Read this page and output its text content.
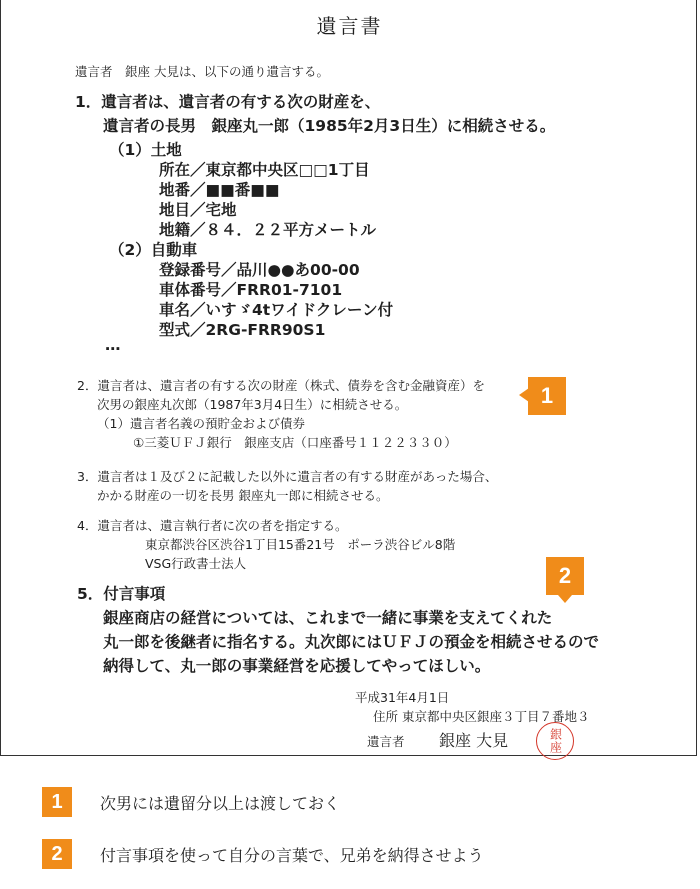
遺言書
遺言者　銀座 大見は、以下の通り遺言する。
1．遺言者は、遺言者の有する次の財産を、
遺言者の長男　銀座丸一郎（1985年2月3日生）に相続させる。
（1）土地
所在／東京都中央区□□1丁目
地番／■■番■■
地目／宅地
地籍／８４．２２平方メートル
（2）自動車
登録番号／品川●●あ00-00
車体番号／FRR01-7101
車名／いすゞ4tワイドクレーン付
型式／2RG-FRR90S1
…
2．遺言者は、遺言者の有する次の財産（株式、債券を含む金融資産）を
次男の銀座丸次郎（1987年3月4日生）に相続させる。
（1）遺言者名義の預貯金および債券
①三菱ＵＦＪ銀行　銀座支店（口座番号１１２２３３０）
1
3．遺言者は１及び２に記載した以外に遺言者の有する財産があった場合、
かかる財産の一切を長男 銀座丸一郎に相続させる。
4．遺言者は、遺言執行者に次の者を指定する。
東京都渋谷区渋谷1丁目15番21号　ポーラ渋谷ビル8階
VSG行政書士法人
5．付言事項
2
銀座商店の経営については、これまで一緒に事業を支えてくれた
丸一郎を後継者に指名する。丸次郎にはＵＦＪの預金を相続させるので
納得して、丸一郎の事業経営を応援してやってほしい。
平成31年4月1日
住所 東京都中央区銀座３丁目７番地３
遺言者 銀座 大見	銀座
1	次男には遺留分以上は渡しておく
2	付言事項を使って自分の言葉で、兄弟を納得させよう
